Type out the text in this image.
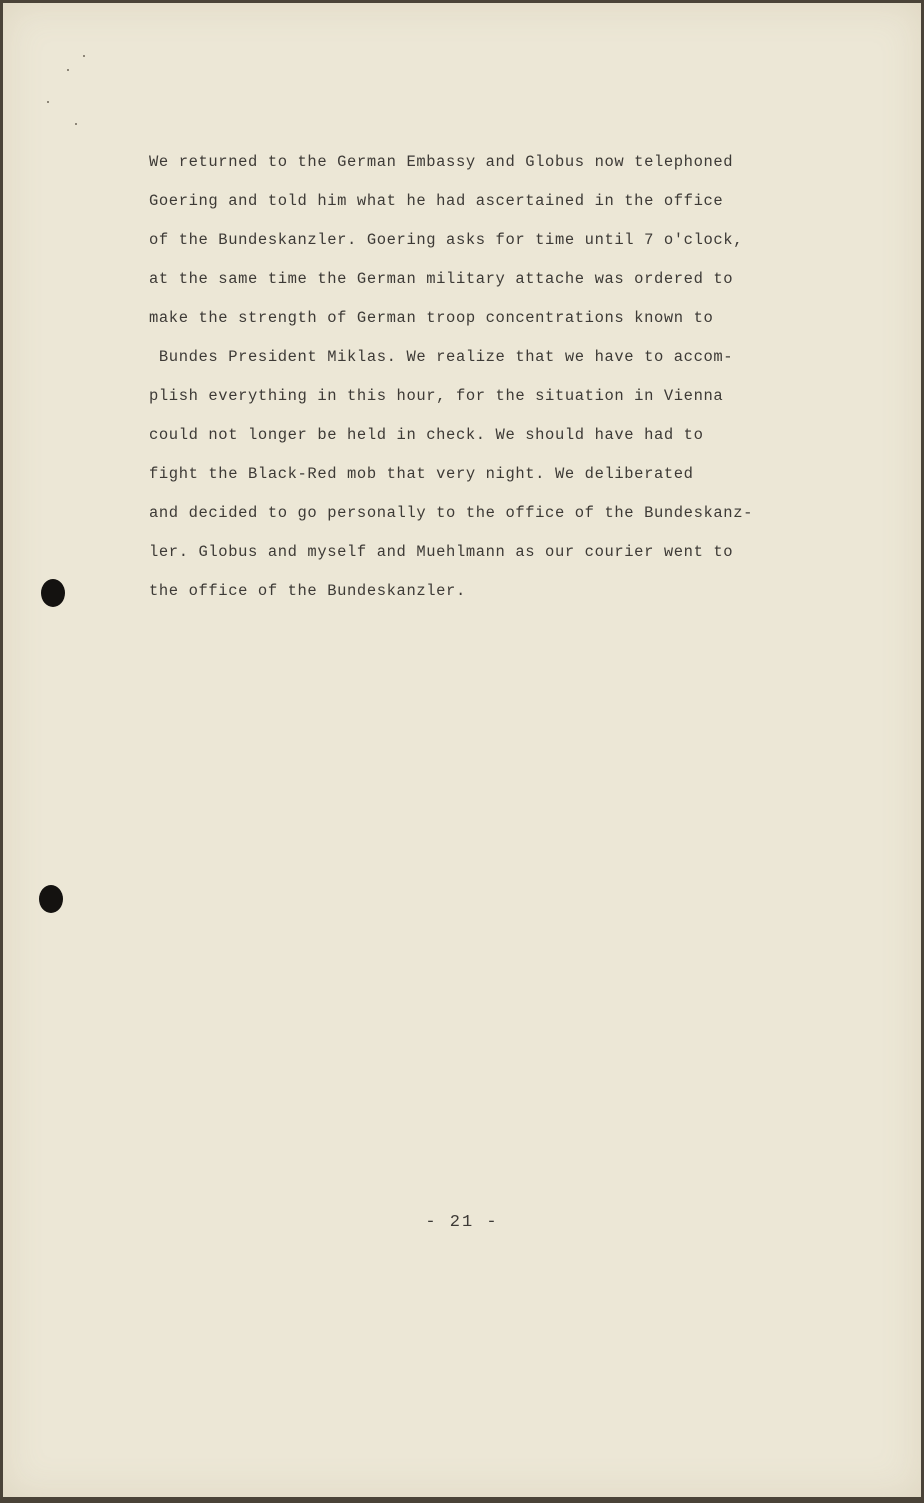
We returned to the German Embassy and Globus now telephoned
Goering and told him what he had ascertained in the office
of the Bundeskanzler. Goering asks for time until 7 o'clock,
at the same time the German military attache was ordered to
make the strength of German troop concentrations known to
Bundes President Miklas. We realize that we have to accom-
plish everything in this hour, for the situation in Vienna
could not longer be held in check. We should have had to
fight the Black-Red mob that very night. We deliberated
and decided to go personally to the office of the Bundeskanz-
ler. Globus and myself and Muehlmann as our courier went to
the office of the Bundeskanzler.
- 21 -
